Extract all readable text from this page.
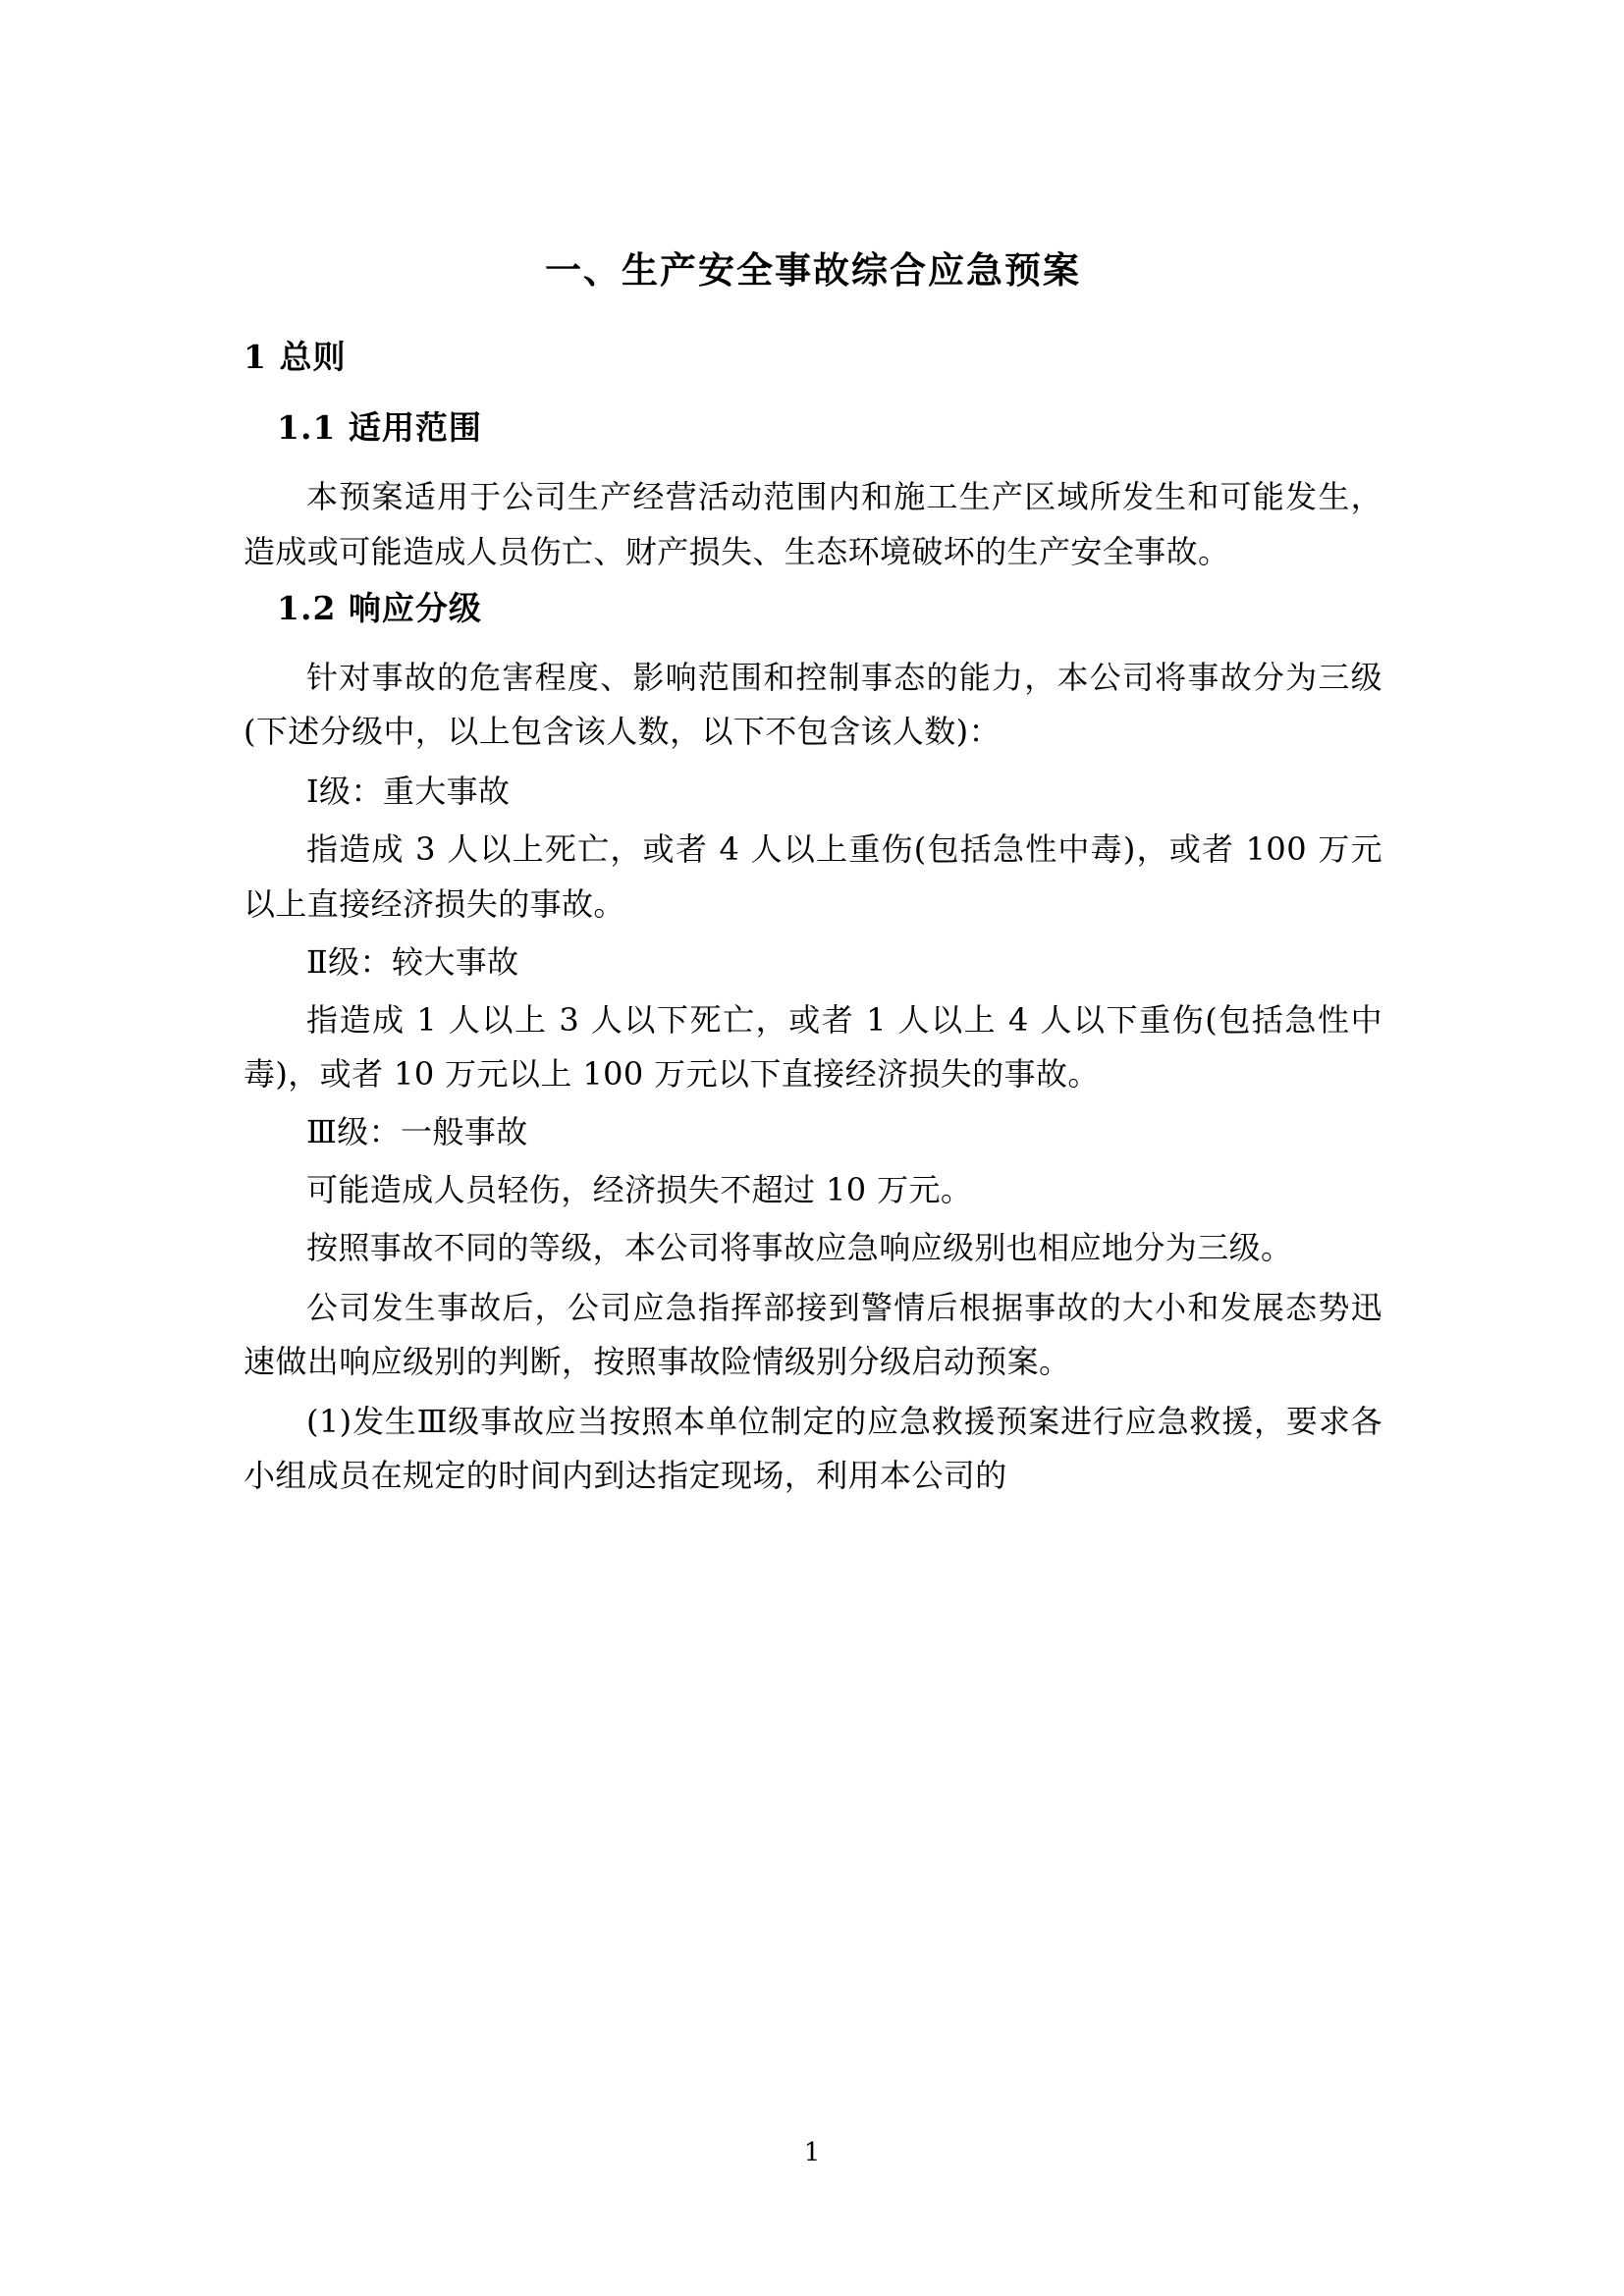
一、生产安全事故综合应急预案
1 总则
1.1 适用范围

本预案适用于公司生产经营活动范围内和施工生产区域所发生和可能发生，造成或可能造成人员伤亡、财产损失、生态环境破坏的生产安全事故。

1.2 响应分级

针对事故的危害程度、影响范围和控制事态的能力，本公司将事故分为三级(下述分级中，以上包含该人数，以下不包含该人数)：

Ⅰ级：重大事故

指造成 3 人以上死亡，或者 4 人以上重伤(包括急性中毒)，或者 100 万元以上直接经济损失的事故。

Ⅱ级：较大事故

指造成 1 人以上 3 人以下死亡，或者 1 人以上 4 人以下重伤(包括急性中毒)，或者 10 万元以上 100 万元以下直接经济损失的事故。

Ⅲ级：一般事故

可能造成人员轻伤，经济损失不超过 10 万元。

按照事故不同的等级，本公司将事故应急响应级别也相应地分为三级。

公司发生事故后，公司应急指挥部接到警情后根据事故的大小和发展态势迅速做出响应级别的判断，按照事故险情级别分级启动预案。

(1)发生Ⅲ级事故应当按照本单位制定的应急救援预案进行应急救援，要求各小组成员在规定的时间内到达指定现场，利用本公司的

1
